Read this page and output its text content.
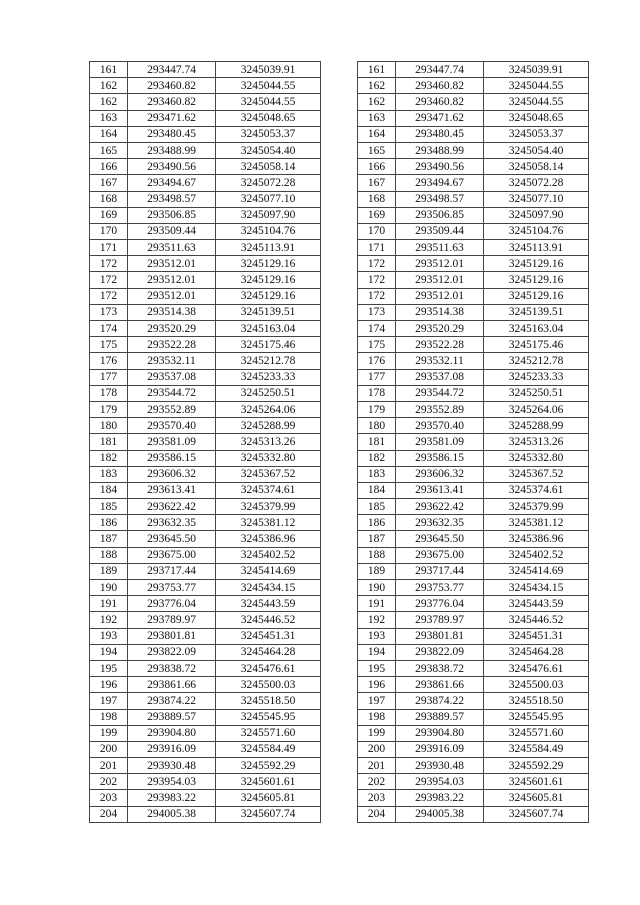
161	293447.74	3245039.91
162	293460.82	3245044.55
162	293460.82	3245044.55
163	293471.62	3245048.65
164	293480.45	3245053.37
165	293488.99	3245054.40
166	293490.56	3245058.14
167	293494.67	3245072.28
168	293498.57	3245077.10
169	293506.85	3245097.90
170	293509.44	3245104.76
171	293511.63	3245113.91
172	293512.01	3245129.16
172	293512.01	3245129.16
172	293512.01	3245129.16
173	293514.38	3245139.51
174	293520.29	3245163.04
175	293522.28	3245175.46
176	293532.11	3245212.78
177	293537.08	3245233.33
178	293544.72	3245250.51
179	293552.89	3245264.06
180	293570.40	3245288.99
181	293581.09	3245313.26
182	293586.15	3245332.80
183	293606.32	3245367.52
184	293613.41	3245374.61
185	293622.42	3245379.99
186	293632.35	3245381.12
187	293645.50	3245386.96
188	293675.00	3245402.52
189	293717.44	3245414.69
190	293753.77	3245434.15
191	293776.04	3245443.59
192	293789.97	3245446.52
193	293801.81	3245451.31
194	293822.09	3245464.28
195	293838.72	3245476.61
196	293861.66	3245500.03
197	293874.22	3245518.50
198	293889.57	3245545.95
199	293904.80	3245571.60
200	293916.09	3245584.49
201	293930.48	3245592.29
202	293954.03	3245601.61
203	293983.22	3245605.81
204	294005.38	3245607.74
161	293447.74	3245039.91
162	293460.82	3245044.55
162	293460.82	3245044.55
163	293471.62	3245048.65
164	293480.45	3245053.37
165	293488.99	3245054.40
166	293490.56	3245058.14
167	293494.67	3245072.28
168	293498.57	3245077.10
169	293506.85	3245097.90
170	293509.44	3245104.76
171	293511.63	3245113.91
172	293512.01	3245129.16
172	293512.01	3245129.16
172	293512.01	3245129.16
173	293514.38	3245139.51
174	293520.29	3245163.04
175	293522.28	3245175.46
176	293532.11	3245212.78
177	293537.08	3245233.33
178	293544.72	3245250.51
179	293552.89	3245264.06
180	293570.40	3245288.99
181	293581.09	3245313.26
182	293586.15	3245332.80
183	293606.32	3245367.52
184	293613.41	3245374.61
185	293622.42	3245379.99
186	293632.35	3245381.12
187	293645.50	3245386.96
188	293675.00	3245402.52
189	293717.44	3245414.69
190	293753.77	3245434.15
191	293776.04	3245443.59
192	293789.97	3245446.52
193	293801.81	3245451.31
194	293822.09	3245464.28
195	293838.72	3245476.61
196	293861.66	3245500.03
197	293874.22	3245518.50
198	293889.57	3245545.95
199	293904.80	3245571.60
200	293916.09	3245584.49
201	293930.48	3245592.29
202	293954.03	3245601.61
203	293983.22	3245605.81
204	294005.38	3245607.74
